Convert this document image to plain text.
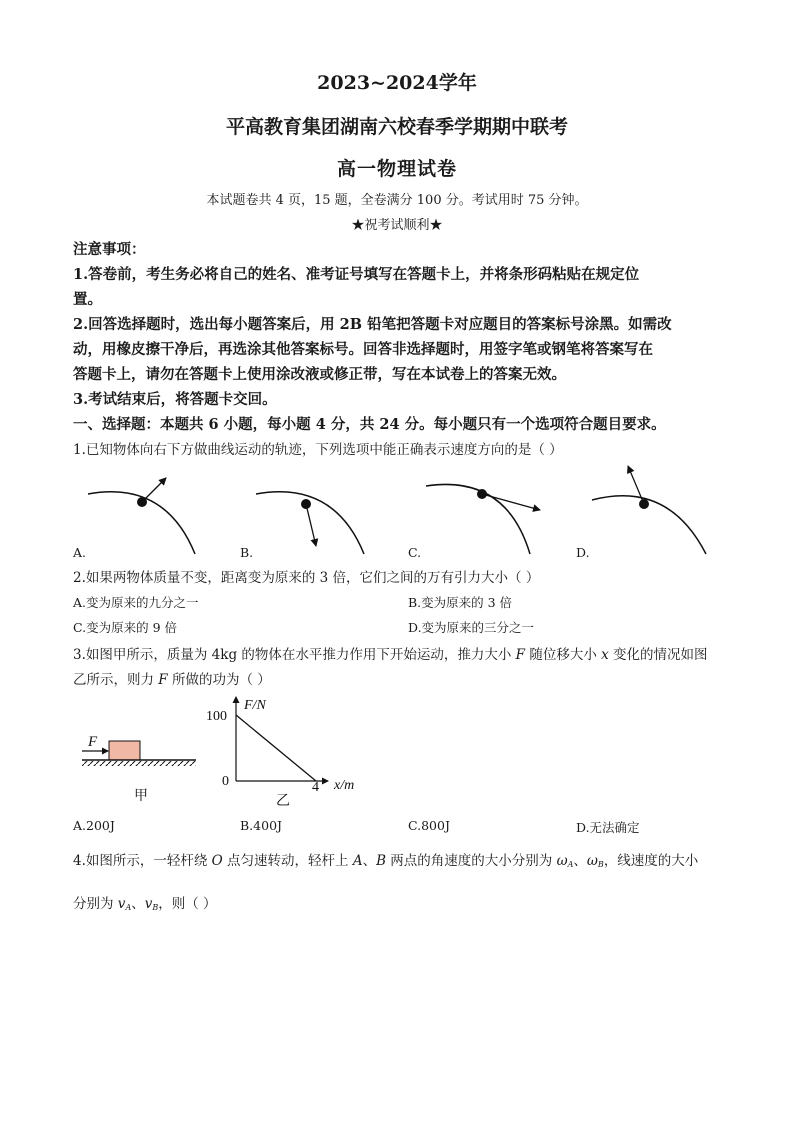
2023~2024学年
平高教育集团湖南六校春季学期期中联考
高一物理试卷
本试题卷共 4 页，15 题，全卷满分 100 分。考试用时 75 分钟。
★祝考试顺利★
注意事项：
1.答卷前，考生务必将自己的姓名、准考证号填写在答题卡上，并将条形码粘贴在规定位
置。
2.回答选择题时，选出每小题答案后，用 2B 铅笔把答题卡对应题目的答案标号涂黑。如需改
动，用橡皮擦干净后，再选涂其他答案标号。回答非选择题时，用签字笔或钢笔将答案写在
答题卡上，请勿在答题卡上使用涂改液或修正带，写在本试卷上的答案无效。
3.考试结束后，将答题卡交回。
一、选择题：本题共 6 小题，每小题 4 分，共 24 分。每小题只有一个选项符合题目要求。
1.已知物体向右下方做曲线运动的轨迹，下列选项中能正确表示速度方向的是（ ）
A.	B.	C.	D.
2.如果两物体质量不变，距离变为原来的 3 倍，它们之间的万有引力大小（ ）
A.变为原来的九分之一	B.变为原来的 3 倍
C.变为原来的 9 倍	D.变为原来的三分之一
3.如图甲所示，质量为 4kg 的物体在水平推力作用下开始运动，推力大小 F 随位移大小 x 变化的情况如图
乙所示，则力 F 所做的功为（ ）
F
甲
F/N
100
0	4 x/m
乙
A.200J	B.400J	C.800J	D.无法确定
4.如图所示，一轻杆绕 O 点匀速转动，轻杆上 A、B 两点的角速度的大小分别为 $\omega_A$、$\omega_B$，线速度的大小
分别为 $v_A$、$v_B$，则（ ）
